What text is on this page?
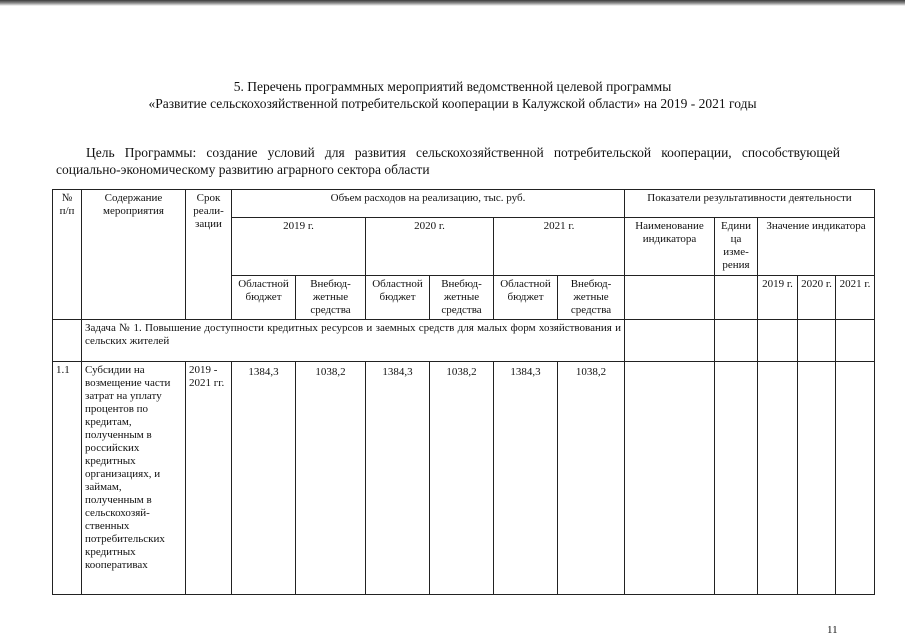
5. Перечень программных мероприятий ведомственной целевой программы
«Развитие сельскохозяйственной потребительской кооперации в Калужской области» на 2019 - 2021 годы
Цель Программы: создание условий для развития сельскохозяйственной потребительской кооперации, способствующей
социально-экономическому развитию аграрного сектора области
№ п/п	Содержание мероприятия	Срок реали-зации	Объем расходов на реализацию, тыс. руб.						Показатели результативности деятельности				
			2019 г.		2020 г.		2021 г.		Наименование индикатора	Едини ца изме-рения	Значение индикатора		
			Областной бюджет	Внебюд-жетные средства	Областной бюджет	Внебюд-жетные средства	Областной бюджет	Внебюд-жетные средства			2019 г.	2020 г.	2021 г.
	Задача № 1. Повышение доступности кредитных ресурсов и заемных средств для малых форм хозяйствования и сельских жителей												
1.1	Субсидии на возмещение части затрат на уплату процентов по кредитам, полученным в российских кредитных организациях, и займам, полученным в сельскохозяй-ственных потребительских кредитных кооперативах	2019 - 2021 гг.	1384,3	1038,2	1384,3	1038,2	1384,3	1038,2					
11
